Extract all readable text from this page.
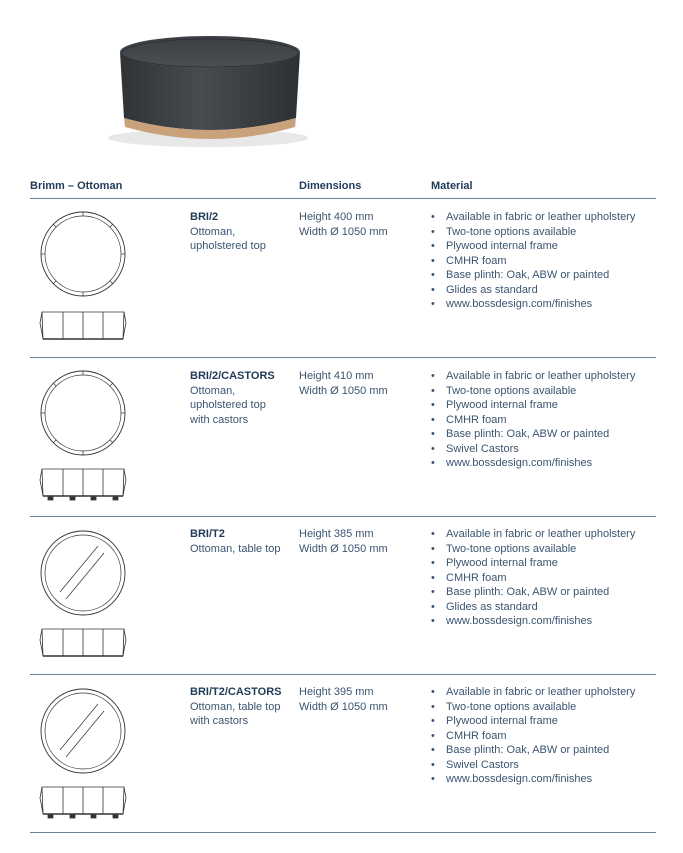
Brimm – Ottoman	Dimensions	Material
BRI/2
Ottoman,
upholstered top
Height 400 mm
Width Ø 1050 mm
• Available in fabric or leather upholstery
• Two-tone options available
• Plywood internal frame
• CMHR foam
• Base plinth: Oak, ABW or painted
• Glides as standard
• www.bossdesign.com/finishes
BRI/2/CASTORS
Ottoman,
upholstered top
with castors
Height 410 mm
Width Ø 1050 mm
• Available in fabric or leather upholstery
• Two-tone options available
• Plywood internal frame
• CMHR foam
• Base plinth: Oak, ABW or painted
• Swivel Castors
• www.bossdesign.com/finishes
BRI/T2
Ottoman, table top
Height 385 mm
Width Ø 1050 mm
• Available in fabric or leather upholstery
• Two-tone options available
• Plywood internal frame
• CMHR foam
• Base plinth: Oak, ABW or painted
• Glides as standard
• www.bossdesign.com/finishes
BRI/T2/CASTORS
Ottoman, table top
with castors
Height 395 mm
Width Ø 1050 mm
• Available in fabric or leather upholstery
• Two-tone options available
• Plywood internal frame
• CMHR foam
• Base plinth: Oak, ABW or painted
• Swivel Castors
• www.bossdesign.com/finishes
